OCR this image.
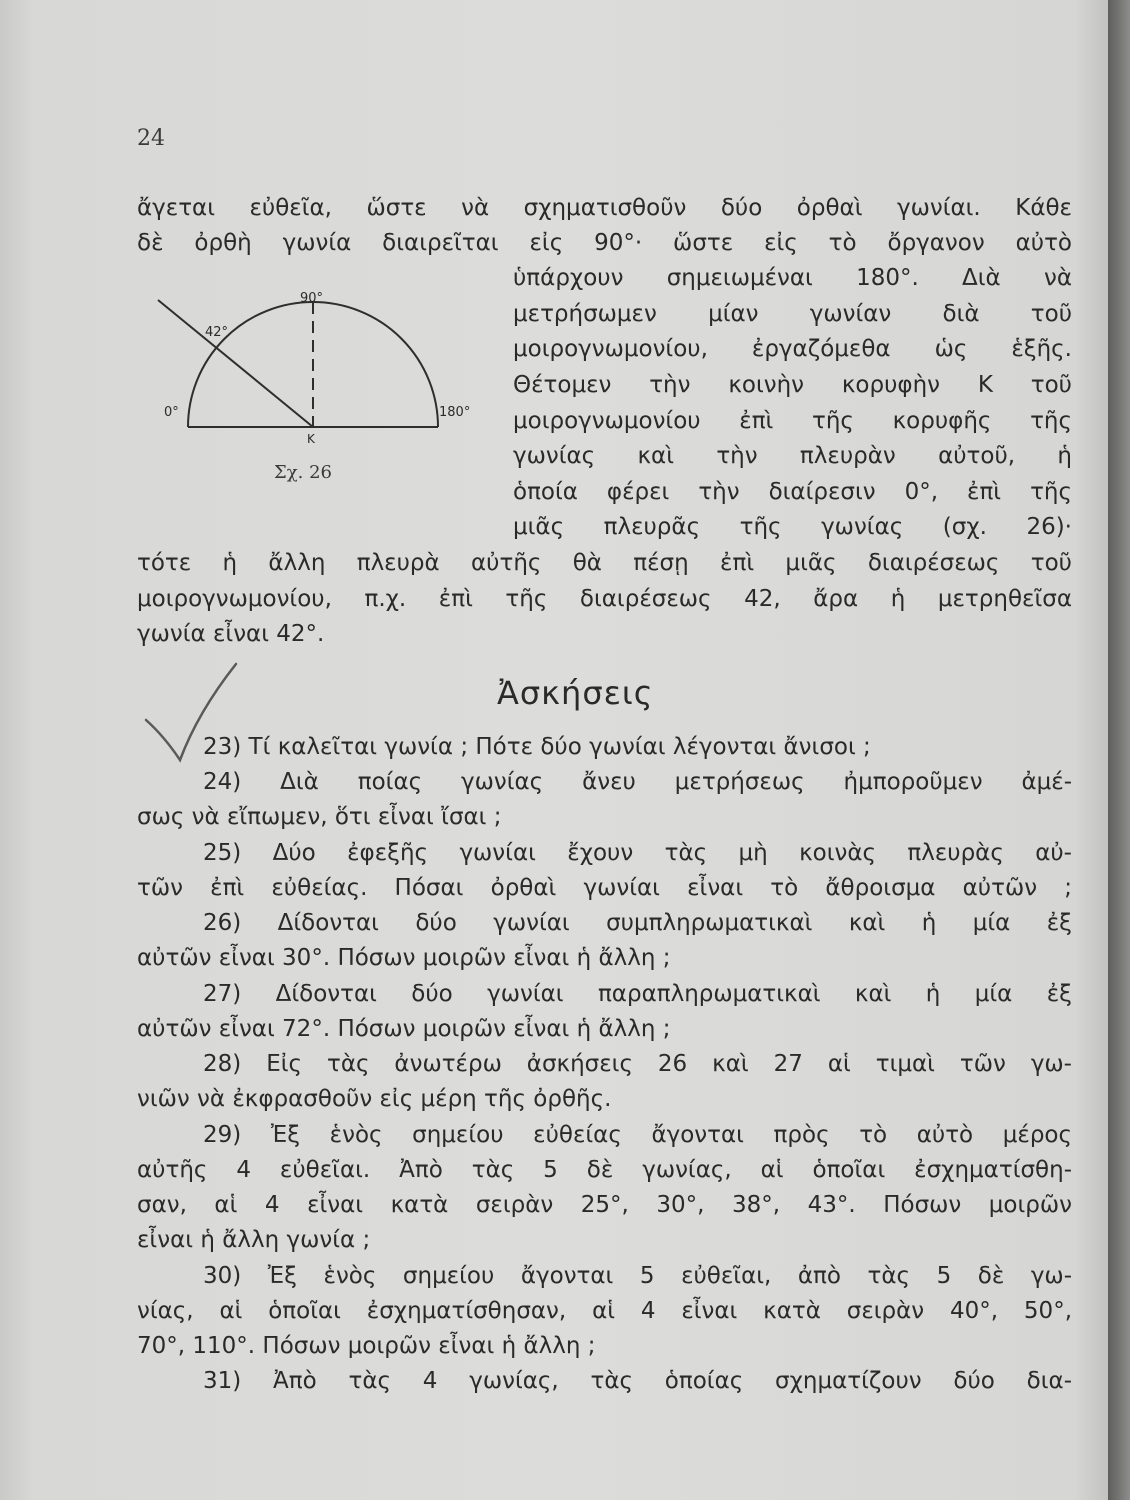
24

ἄγεται εὐθεῖα, ὥστε νὰ σχηματισθοῦν δύο ὀρθαὶ γωνίαι. Κάθε

δὲ ὀρθὴ γωνία διαιρεῖται εἰς 90°· ὥστε εἰς τὸ ὄργανον αὐτὸ

ὑπάρχουν σημειωμέναι 180°. Διὰ νὰ

μετρήσωμεν μίαν γωνίαν διὰ τοῦ

μοιρογνωμονίου, ἐργαζόμεθα ὡς ἑξῆς.

Θέτομεν τὴν κοινὴν κορυφὴν Κ τοῦ

μοιρογνωμονίου ἐπὶ τῆς κορυφῆς τῆς

γωνίας καὶ τὴν πλευρὰν αὐτοῦ, ἡ

ὁποία φέρει τὴν διαίρεσιν 0°, ἐπὶ τῆς

μιᾶς πλευρᾶς τῆς γωνίας (σχ. 26)·

τότε ἡ ἄλλη πλευρὰ αὐτῆς θὰ πέσῃ ἐπὶ μιᾶς διαιρέσεως τοῦ

μοιρογνωμονίου, π.χ. ἐπὶ τῆς διαιρέσεως 42, ἄρα ἡ μετρηθεῖσα

γωνία εἶναι 42°.

0°
90°
180°
42°
Κ
Σχ. 26
Ἀσκήσεις

23) Τί καλεῖται γωνία ; Πότε δύο γωνίαι λέγονται ἄνισοι ;

24) Διὰ ποίας γωνίας ἄνευ μετρήσεως ἠμποροῦμεν ἀμέ-

σως νὰ εἴπωμεν, ὅτι εἶναι ἴσαι ;

25) Δύο ἐφεξῆς γωνίαι ἔχουν τὰς μὴ κοινὰς πλευρὰς αὐ-

τῶν ἐπὶ εὐθείας. Πόσαι ὀρθαὶ γωνίαι εἶναι τὸ ἄθροισμα αὐτῶν ;

26) Δίδονται δύο γωνίαι συμπληρωματικαὶ καὶ ἡ μία ἐξ

αὐτῶν εἶναι 30°. Πόσων μοιρῶν εἶναι ἡ ἄλλη ;

27) Δίδονται δύο γωνίαι παραπληρωματικαὶ καὶ ἡ μία ἐξ

αὐτῶν εἶναι 72°. Πόσων μοιρῶν εἶναι ἡ ἄλλη ;

28) Εἰς τὰς ἀνωτέρω ἀσκήσεις 26 καὶ 27 αἱ τιμαὶ τῶν γω-

νιῶν νὰ ἐκφρασθοῦν εἰς μέρη τῆς ὀρθῆς.

29) Ἐξ ἑνὸς σημείου εὐθείας ἄγονται πρὸς τὸ αὐτὸ μέρος

αὐτῆς 4 εὐθεῖαι. Ἀπὸ τὰς 5 δὲ γωνίας, αἱ ὁποῖαι ἐσχηματίσθη-

σαν, αἱ 4 εἶναι κατὰ σειρὰν 25°, 30°, 38°, 43°. Πόσων μοιρῶν

εἶναι ἡ ἄλλη γωνία ;

30) Ἐξ ἑνὸς σημείου ἄγονται 5 εὐθεῖαι, ἀπὸ τὰς 5 δὲ γω-

νίας, αἱ ὁποῖαι ἐσχηματίσθησαν, αἱ 4 εἶναι κατὰ σειρὰν 40°, 50°,

70°, 110°. Πόσων μοιρῶν εἶναι ἡ ἄλλη ;

31) Ἀπὸ τὰς 4 γωνίας, τὰς ὁποίας σχηματίζουν δύο δια-
